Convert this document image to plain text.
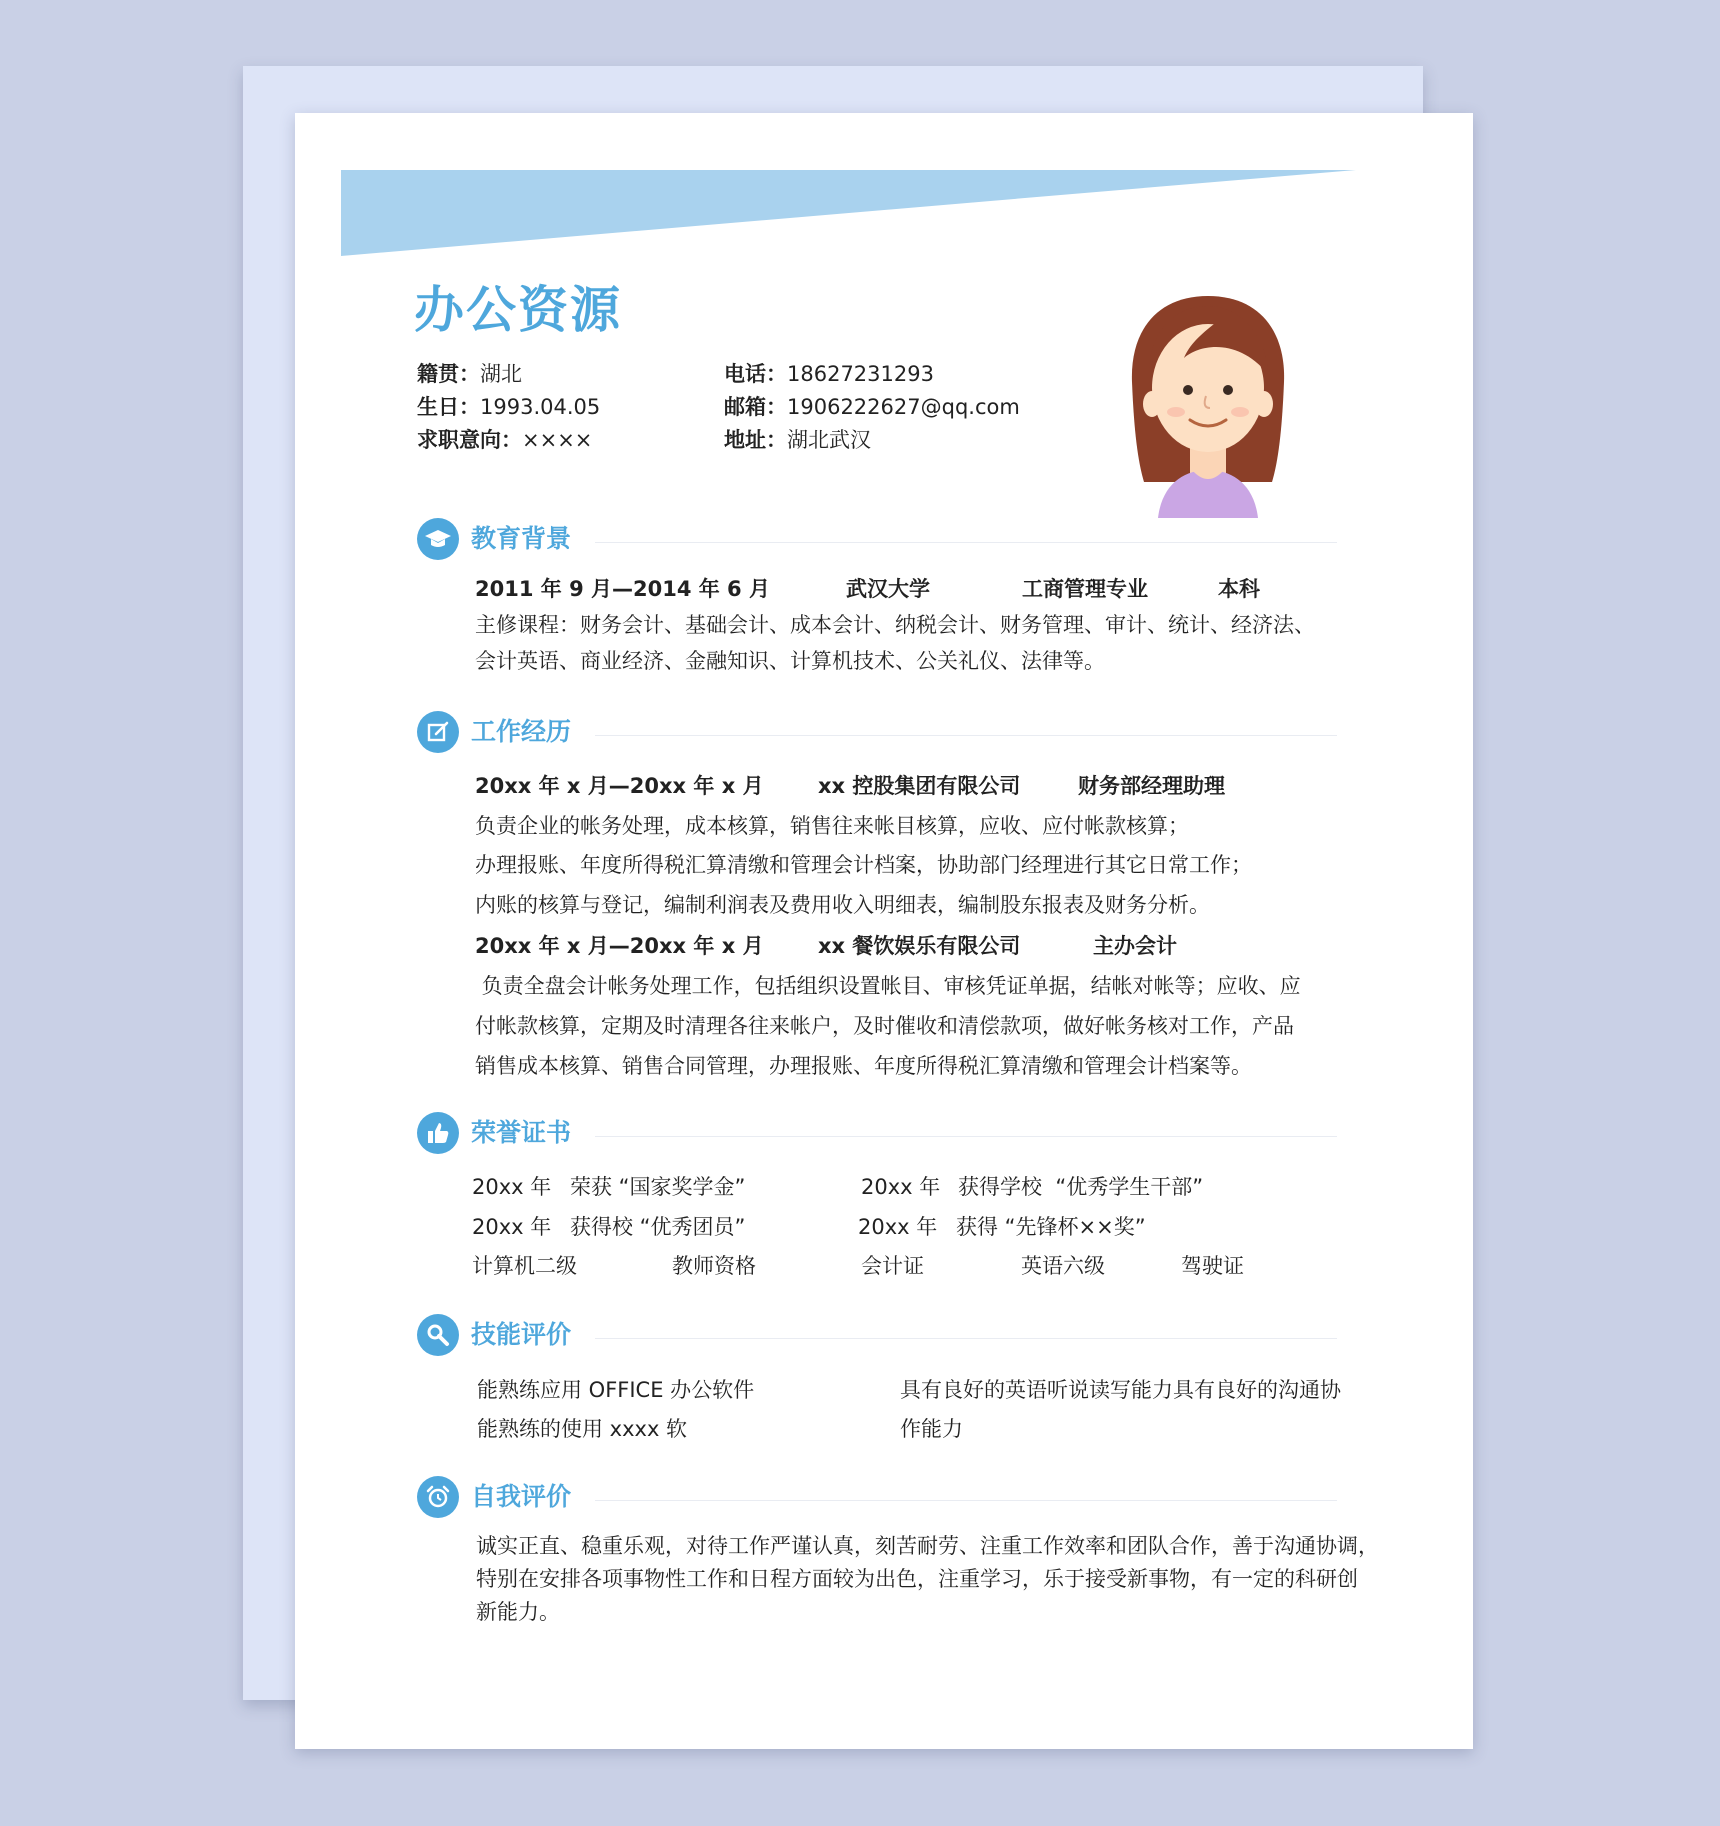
办公资源
籍贯：湖北
生日：1993.04.05
求职意向：××××
电话：18627231293
邮箱：1906222627@qq.com
地址：湖北武汉
教育背景
2011 年 9 月—2014 年 6 月	武汉大学	工商管理专业	本科
主修课程：财务会计、基础会计、成本会计、纳税会计、财务管理、审计、统计、经济法、
会计英语、商业经济、金融知识、计算机技术、公关礼仪、法律等。
工作经历
20xx 年 x 月—20xx 年 x 月	xx 控股集团有限公司	财务部经理助理
负责企业的帐务处理，成本核算，销售往来帐目核算，应收、应付帐款核算；
办理报账、年度所得税汇算清缴和管理会计档案，协助部门经理进行其它日常工作；
内账的核算与登记，编制利润表及费用收入明细表，编制股东报表及财务分析。
20xx 年 x 月—20xx 年 x 月	xx 餐饮娱乐有限公司	主办会计
负责全盘会计帐务处理工作，包括组织设置帐目、审核凭证单据，结帐对帐等；应收、应
付帐款核算，定期及时清理各往来帐户，及时催收和清偿款项，做好帐务核对工作，产品
销售成本核算、销售合同管理，办理报账、年度所得税汇算清缴和管理会计档案等。
荣誉证书
20xx 年 荣获 “国家奖学金”	20xx 年 获得学校  “优秀学生干部”
20xx 年 获得校 “优秀团员”	20xx 年 获得 “先锋杯××奖”
计算机二级	教师资格	会计证	英语六级	驾驶证
技能评价
能熟练应用 OFFICE 办公软件
能熟练的使用 xxxx 软
具有良好的英语听说读写能力具有良好的沟通协
作能力
自我评价
诚实正直、稳重乐观，对待工作严谨认真，刻苦耐劳、注重工作效率和团队合作，善于沟通协调，
特别在安排各项事物性工作和日程方面较为出色，注重学习，乐于接受新事物，有一定的科研创
新能力。
